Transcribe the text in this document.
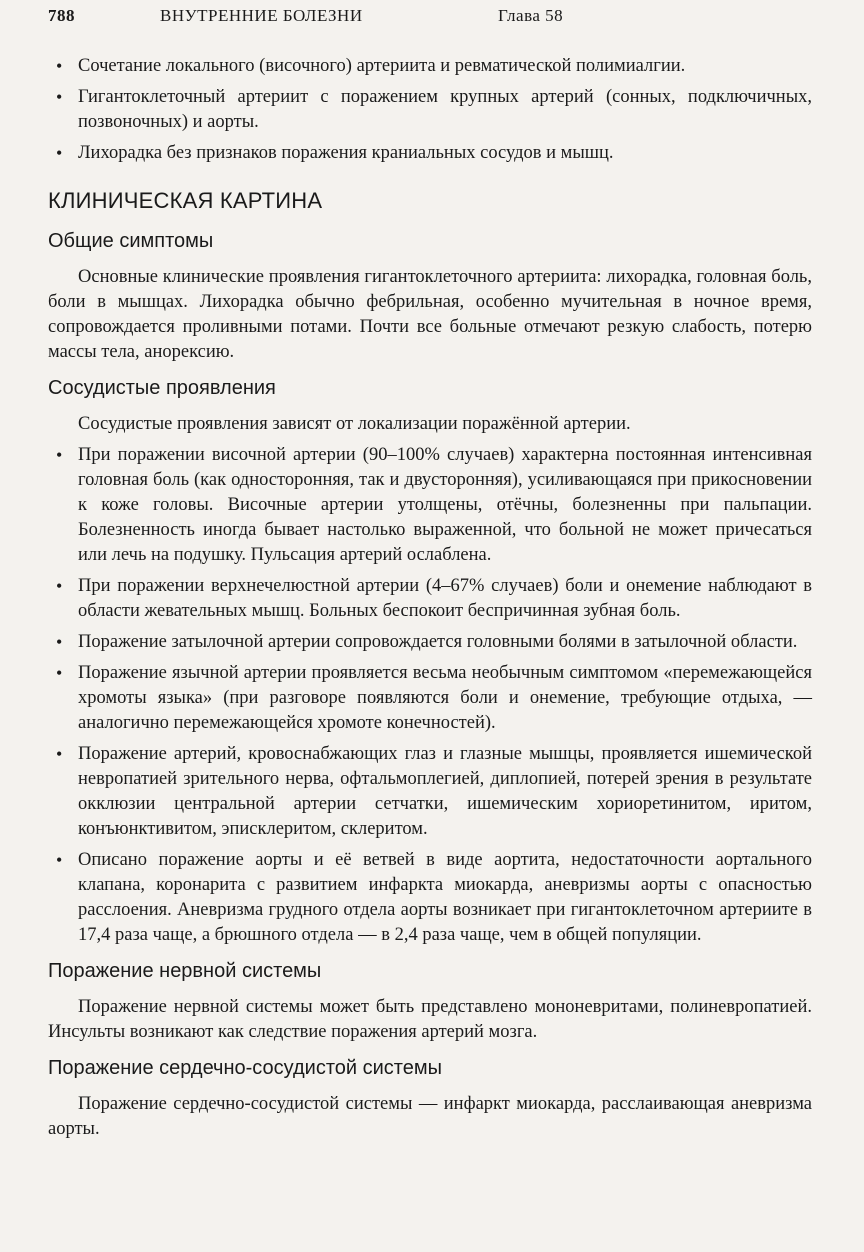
788	ВНУТРЕННИЕ БОЛЕЗНИ	Глава 58
• Сочетание локального (височного) артериита и ревматической полимиалгии.
• Гигантоклеточный артериит с поражением крупных артерий (сонных, подключичных, позвоночных) и аорты.
• Лихорадка без признаков поражения краниальных сосудов и мышц.
КЛИНИЧЕСКАЯ КАРТИНА
Общие симптомы

Основные клинические проявления гигантоклеточного артериита: лихорадка, головная боль, боли в мышцах. Лихорадка обычно фебрильная, особенно мучительная в ночное время, сопровождается проливными потами. Почти все больные отмечают резкую слабость, потерю массы тела, анорексию.

Сосудистые проявления

Сосудистые проявления зависят от локализации поражённой артерии.

• При поражении височной артерии (90–100% случаев) характерна постоянная интенсивная головная боль (как односторонняя, так и двусторонняя), усиливающаяся при прикосновении к коже головы. Височные артерии утолщены, отёчны, болезненны при пальпации. Болезненность иногда бывает настолько выраженной, что больной не может причесаться или лечь на подушку. Пульсация артерий ослаблена.
• При поражении верхнечелюстной артерии (4–67% случаев) боли и онемение наблюдают в области жевательных мышц. Больных беспокоит беспричинная зубная боль.
• Поражение затылочной артерии сопровождается головными болями в затылочной области.
• Поражение язычной артерии проявляется весьма необычным симптомом «перемежающейся хромоты языка» (при разговоре появляются боли и онемение, требующие отдыха, — аналогично перемежающейся хромоте конечностей).
• Поражение артерий, кровоснабжающих глаз и глазные мышцы, проявляется ишемической невропатией зрительного нерва, офтальмоплегией, диплопией, потерей зрения в результате окклюзии центральной артерии сетчатки, ишемическим хориоретинитом, иритом, конъюнктивитом, эписклеритом, склеритом.
• Описано поражение аорты и её ветвей в виде аортита, недостаточности аортального клапана, коронарита с развитием инфаркта миокарда, аневризмы аорты с опасностью расслоения. Аневризма грудного отдела аорты возникает при гигантоклеточном артериите в 17,4 раза чаще, а брюшного отдела — в 2,4 раза чаще, чем в общей популяции.
Поражение нервной системы

Поражение нервной системы может быть представлено мононевритами, полиневропатией. Инсульты возникают как следствие поражения артерий мозга.

Поражение сердечно-сосудистой системы

Поражение сердечно-сосудистой системы — инфаркт миокарда, расслаивающая аневризма аорты.
